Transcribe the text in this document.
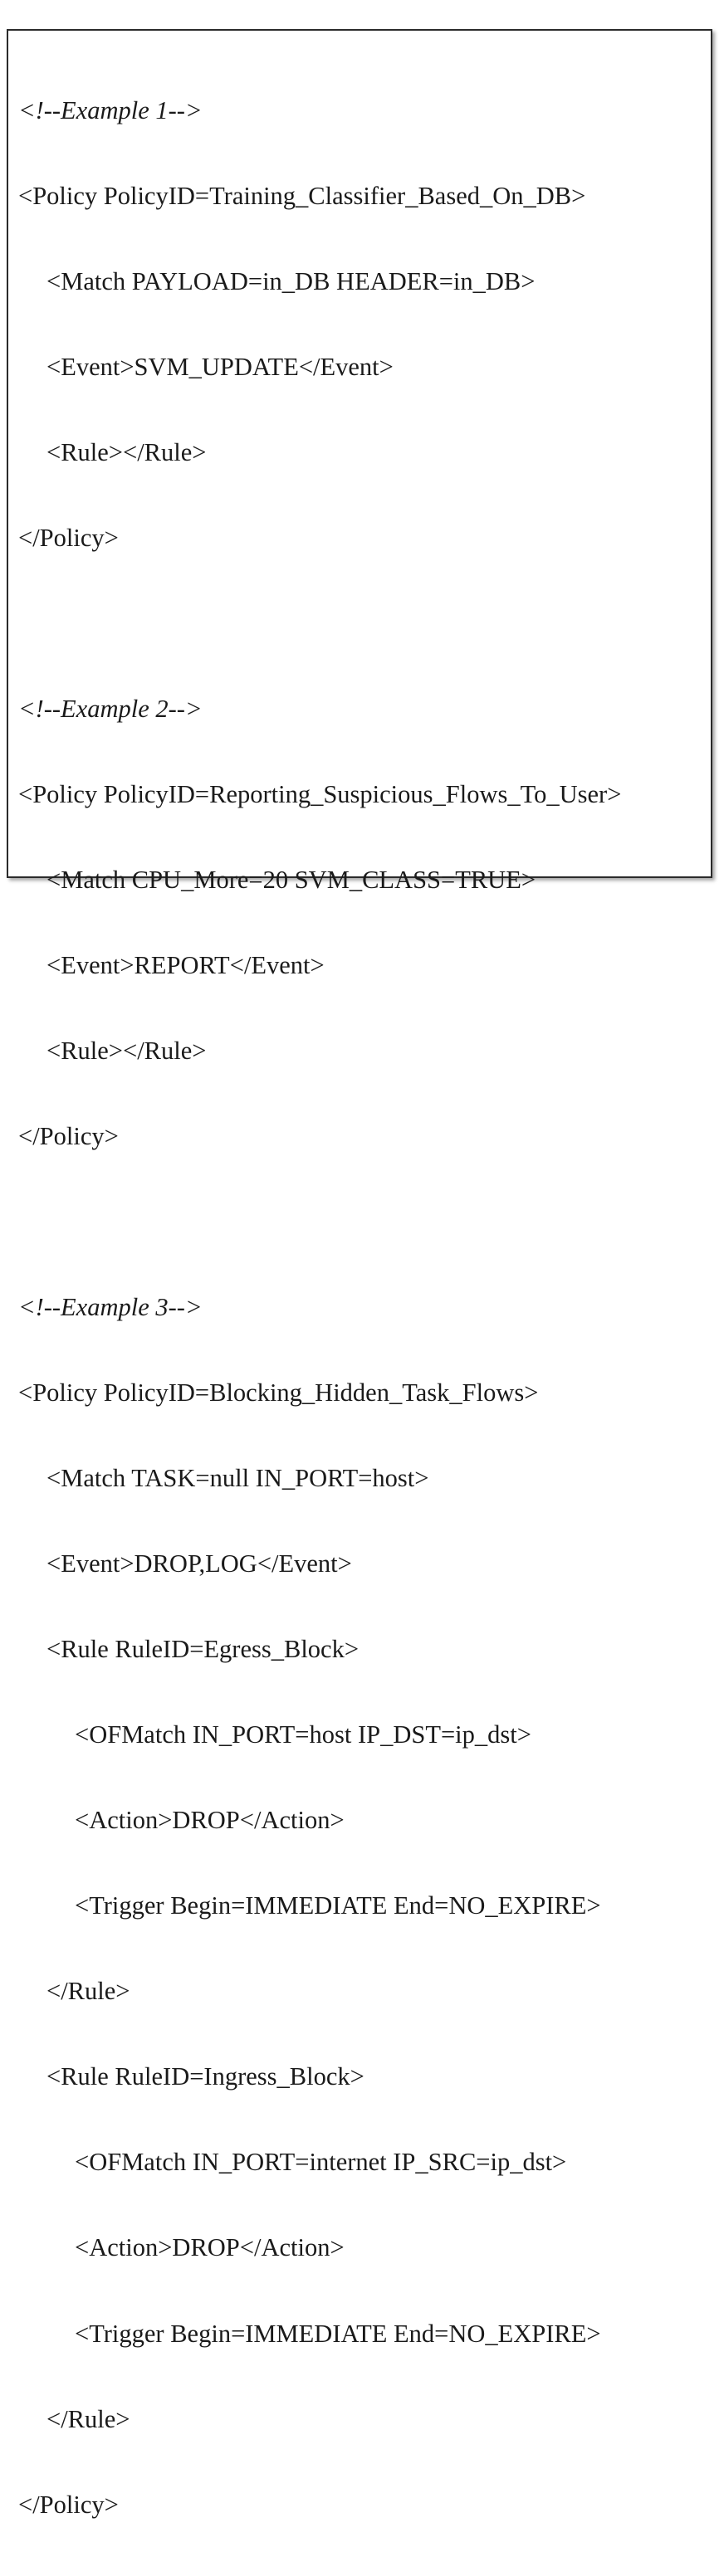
<!--Example 1-->

<Policy PolicyID=Training_Classifier_Based_On_DB>

<Match PAYLOAD=in_DB HEADER=in_DB>

<Event>SVM_UPDATE</Event>

<Rule></Rule>

</Policy>

<!--Example 2-->

<Policy PolicyID=Reporting_Suspicious_Flows_To_User>

<Match CPU_More=20 SVM_CLASS=TRUE>

<Event>REPORT</Event>

<Rule></Rule>

</Policy>

<!--Example 3-->

<Policy PolicyID=Blocking_Hidden_Task_Flows>

<Match TASK=null IN_PORT=host>

<Event>DROP,LOG</Event>

<Rule RuleID=Egress_Block>

<OFMatch IN_PORT=host IP_DST=ip_dst>

<Action>DROP</Action>

<Trigger Begin=IMMEDIATE End=NO_EXPIRE>

</Rule>

<Rule RuleID=Ingress_Block>

<OFMatch IN_PORT=internet IP_SRC=ip_dst>

<Action>DROP</Action>

<Trigger Begin=IMMEDIATE End=NO_EXPIRE>

</Rule>

</Policy>
